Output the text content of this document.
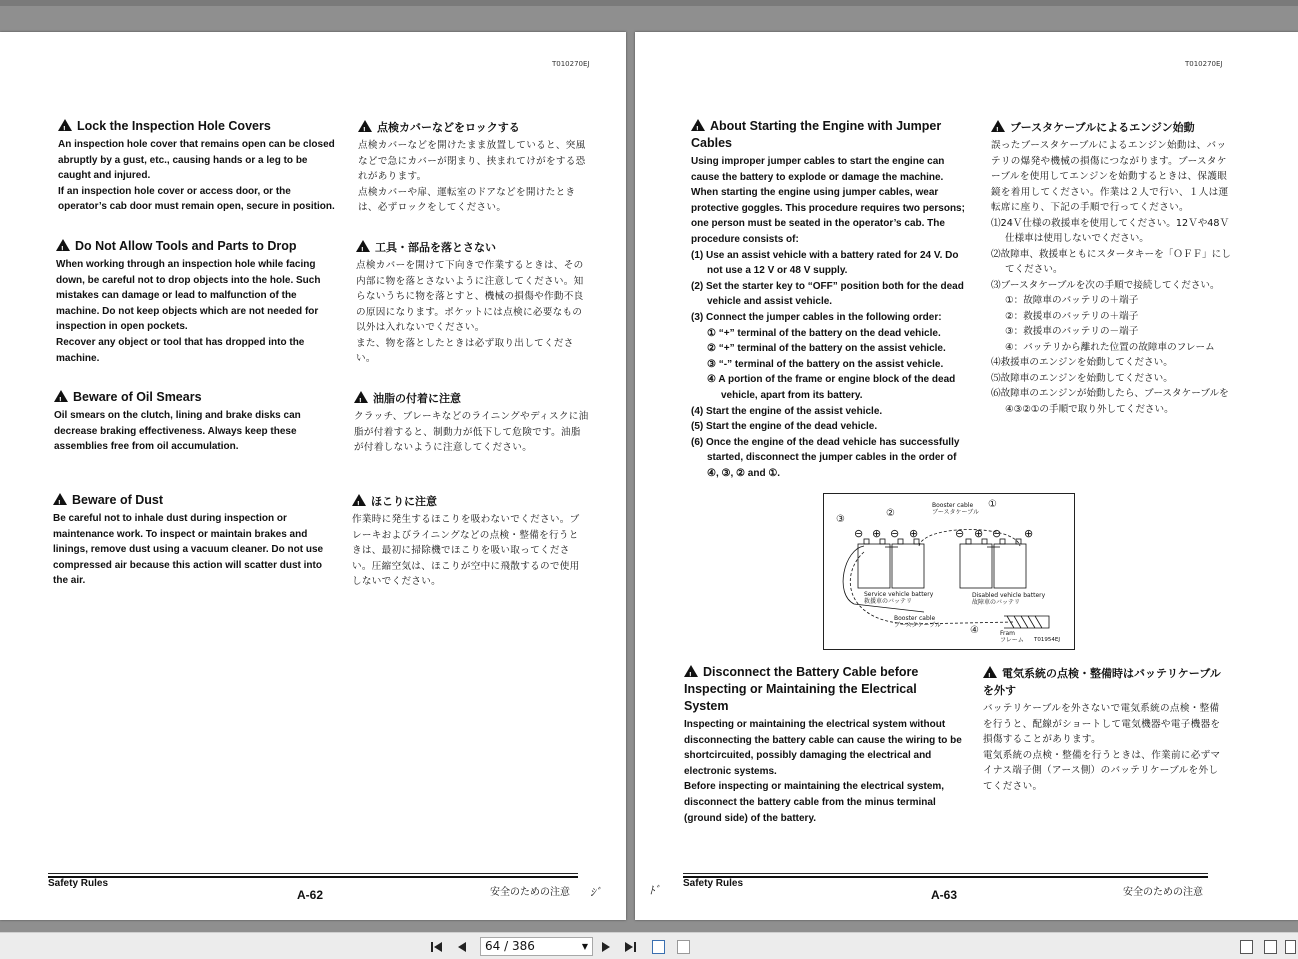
T010270EJ
!Lock the Inspection Hole Covers

An inspection hole cover that remains open can be closed abruptly by a gust, etc., causing hands or a leg to be caught and injured.

If an inspection hole cover or access door, or the operator’s cab door must remain open, secure in position.

!Do Not Allow Tools and Parts to Drop

When working through an inspection hole while facing down, be careful not to drop objects into the hole. Such mistakes can damage or lead to malfunction of the machine. Do not keep objects which are not needed for inspection in open pockets.

Recover any object or tool that has dropped into the machine.

!Beware of Oil Smears

Oil smears on the clutch, lining and brake disks can decrease braking effectiveness. Always keep these assemblies free from oil accumulation.

!Beware of Dust

Be careful not to inhale dust during inspection or maintenance work. To inspect or maintain brakes and linings, remove dust using a vacuum cleaner. Do not use compressed air because this action will scatter dust into the air.

!点検カバーなどをロックする

点検カバーなどを開けたまま放置していると、突風などで急にカバーが閉まり、挟まれてけがをする恐れがあります。

点検カバーや扉、運転室のドアなどを開けたときは、必ずロックをしてください。

!工具・部品を落とさない

点検カバーを開けて下向きで作業するときは、その内部に物を落とさないように注意してください。知らないうちに物を落とすと、機械の損傷や作動不良の原因になります。ポケットには点検に必要なもの以外は入れないでください。

また、物を落としたときは必ず取り出してください。

!油脂の付着に注意

クラッチ、ブレーキなどのライニングやディスクに油脂が付着すると、制動力が低下して危険です。油脂が付着しないように注意してください。

!ほこりに注意

作業時に発生するほこりを吸わないでください。ブレーキおよびライニングなどの点検・整備を行うときは、最初に掃除機でほこりを吸い取ってください。圧縮空気は、ほこりが空中に飛散するので使用しないでください。

Safety Rules
A-62	安全のための注意 ｼﾞ
T010270EJ
!About Starting the Engine with Jumper Cables

Using improper jumper cables to start the engine can cause the battery to explode or damage the machine. When starting the engine using jumper cables, wear protective goggles. This procedure requires two persons; one person must be seated in the operator’s cab. The procedure consists of:

(1) Use an assist vehicle with a battery rated for 24 V. Do not use a 12 V or 48 V supply.
(2) Set the starter key to “OFF” position both for the dead vehicle and assist vehicle.
(3) Connect the jumper cables in the following order:
① “+” terminal of the battery on the dead vehicle.
② “+” terminal of the battery on the assist vehicle.
③ “-” terminal of the battery on the assist vehicle.
④ A portion of the frame or engine block of the dead vehicle, apart from its battery.
(4) Start the engine of the assist vehicle.
(5) Start the engine of the dead vehicle.
(6) Once the engine of the dead vehicle has successfully started, disconnect the jumper cables in the order of ④, ③, ② and ①.
!ブースタケーブルによるエンジン始動

誤ったブースタケーブルによるエンジン始動は、バッテリの爆発や機械の損傷につながります。ブースタケーブルを使用してエンジンを始動するときは、保護眼鏡を着用してください。作業は２人で行い、１人は運転席に座り、下記の手順で行ってください。

⑴24Ｖ仕様の救援車を使用してください。12Ｖや48Ｖ仕様車は使用しないでください。
⑵故障車、救援車ともにスタータキーを「ＯＦＦ」にしてください。
⑶ブースタケーブルを次の手順で接続してください。
①：故障車のバッテリの＋端子
②：救援車のバッテリの＋端子
③：救援車のバッテリの－端子
④：バッテリから離れた位置の故障車のフレーム
⑷救援車のエンジンを始動してください。
⑸故障車のエンジンを始動してください。
⑹故障車のエンジンが始動したら、ブースタケーブルを④③②①の手順で取り外してください。
⊖ ⊕ ⊖ ⊕	⊖ ⊕ ⊖ ⊕
Booster cable
ブースタケーブル
Service vehicle battery
救援車のバッテリ
Disabled vehicle battery
故障車のバッテリ
Booster cable
ブースタケーブル
Fram
フレーム T01954EJ
①
②
③
④
!Disconnect the Battery Cable before Inspecting or Maintaining the Electrical System

Inspecting or maintaining the electrical system without disconnecting the battery cable can cause the wiring to be shortcircuited, possibly damaging the electrical and electronic systems.

Before inspecting or maintaining the electrical system, disconnect the battery cable from the minus terminal (ground side) of the battery.

!電気系統の点検・整備時はバッテリケーブルを外す

バッテリケーブルを外さないで電気系統の点検・整備を行うと、配線がショートして電気機器や電子機器を損傷することがあります。

電気系統の点検・整備を行うときは、作業前に必ずマイナス端子側（アース側）のバッテリケーブルを外してください。

ﾄﾞ
Safety Rules
A-63	安全のための注意
64 / 386	▼
